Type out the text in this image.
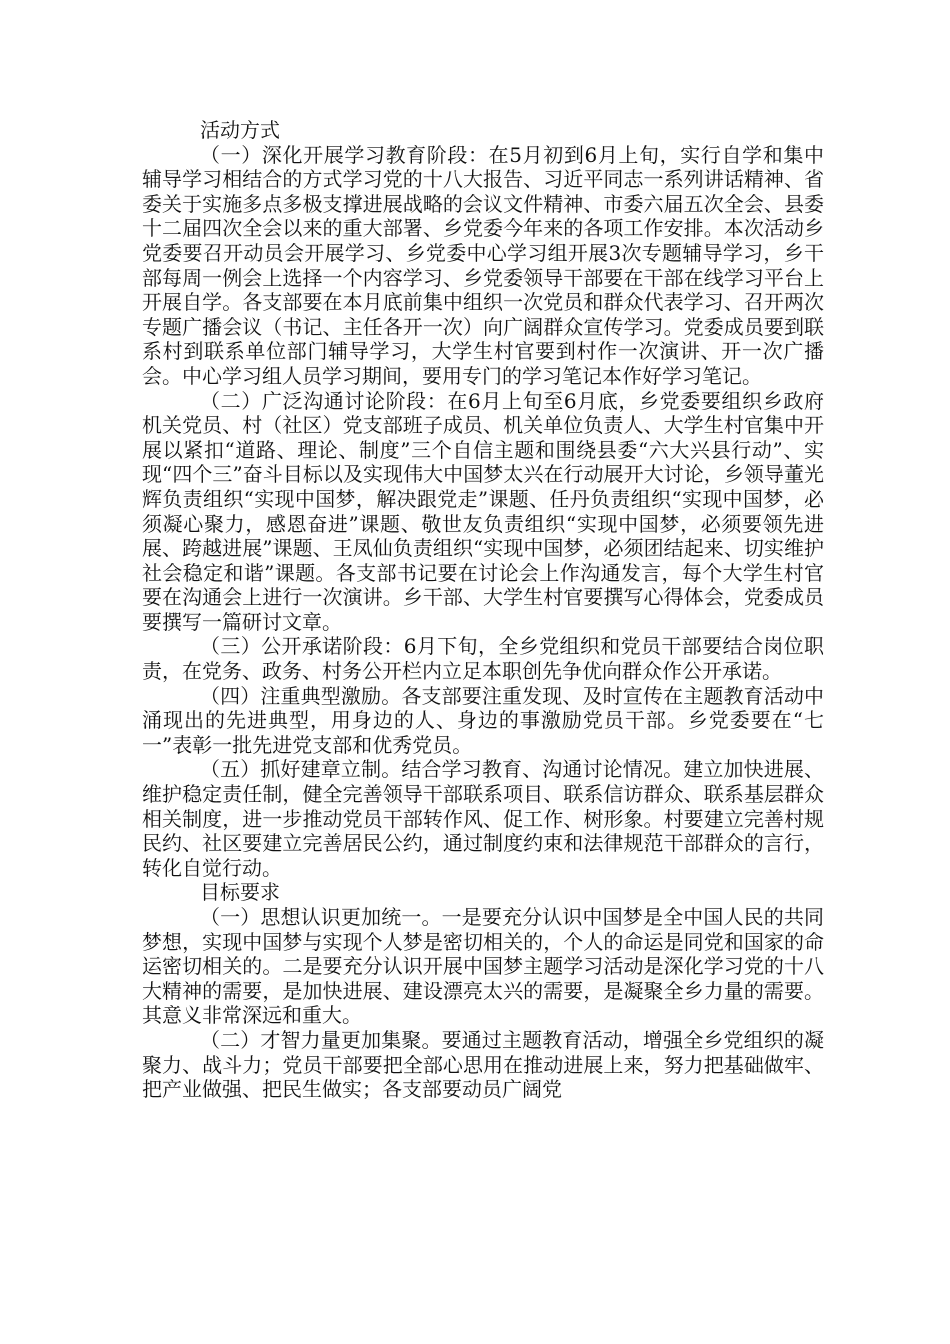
活动方式

（一）深化开展学习教育阶段：在5月初到6月上旬，实行自学和集中辅导学习相结合的方式学习党的十八大报告、习近平同志一系列讲话精神、省委关于实施多点多极支撑进展战略的会议文件精神、市委六届五次全会、县委十二届四次全会以来的重大部署、乡党委今年来的各项工作安排。本次活动乡党委要召开动员会开展学习、乡党委中心学习组开展3次专题辅导学习，乡干部每周一例会上选择一个内容学习、乡党委领导干部要在干部在线学习平台上开展自学。各支部要在本月底前集中组织一次党员和群众代表学习、召开两次专题广播会议（书记、主任各开一次）向广阔群众宣传学习。党委成员要到联系村到联系单位部门辅导学习，大学生村官要到村作一次演讲、开一次广播会。中心学习组人员学习期间，要用专门的学习笔记本作好学习笔记。

（二）广泛沟通讨论阶段：在6月上旬至6月底，乡党委要组织乡政府机关党员、村（社区）党支部班子成员、机关单位负责人、大学生村官集中开展以紧扣“道路、理论、制度”三个自信主题和围绕县委“六大兴县行动”、实现“四个三”奋斗目标以及实现伟大中国梦太兴在行动展开大讨论，乡领导董光辉负责组织“实现中国梦，解决跟党走”课题、任丹负责组织“实现中国梦，必须凝心聚力，感恩奋进”课题、敬世友负责组织“实现中国梦，必须要领先进展、跨越进展”课题、王凤仙负责组织“实现中国梦，必须团结起来、切实维护社会稳定和谐”课题。各支部书记要在讨论会上作沟通发言，每个大学生村官要在沟通会上进行一次演讲。乡干部、大学生村官要撰写心得体会，党委成员要撰写一篇研讨文章。

（三）公开承诺阶段：6月下旬，全乡党组织和党员干部要结合岗位职责，在党务、政务、村务公开栏内立足本职创先争优向群众作公开承诺。

（四）注重典型激励。各支部要注重发现、及时宣传在主题教育活动中涌现出的先进典型，用身边的人、身边的事激励党员干部。乡党委要在“七一”表彰一批先进党支部和优秀党员。

（五）抓好建章立制。结合学习教育、沟通讨论情况。建立加快进展、维护稳定责任制，健全完善领导干部联系项目、联系信访群众、联系基层群众相关制度，进一步推动党员干部转作风、促工作、树形象。村要建立完善村规民约、社区要建立完善居民公约，通过制度约束和法律规范干部群众的言行，转化自觉行动。

目标要求

（一）思想认识更加统一。一是要充分认识中国梦是全中国人民的共同梦想，实现中国梦与实现个人梦是密切相关的，个人的命运是同党和国家的命运密切相关的。二是要充分认识开展中国梦主题学习活动是深化学习党的十八大精神的需要，是加快进展、建设漂亮太兴的需要，是凝聚全乡力量的需要。其意义非常深远和重大。

（二）才智力量更加集聚。要通过主题教育活动，增强全乡党组织的凝聚力、战斗力；党员干部要把全部心思用在推动进展上来，努力把基础做牢、把产业做强、把民生做实；各支部要动员广阔党
